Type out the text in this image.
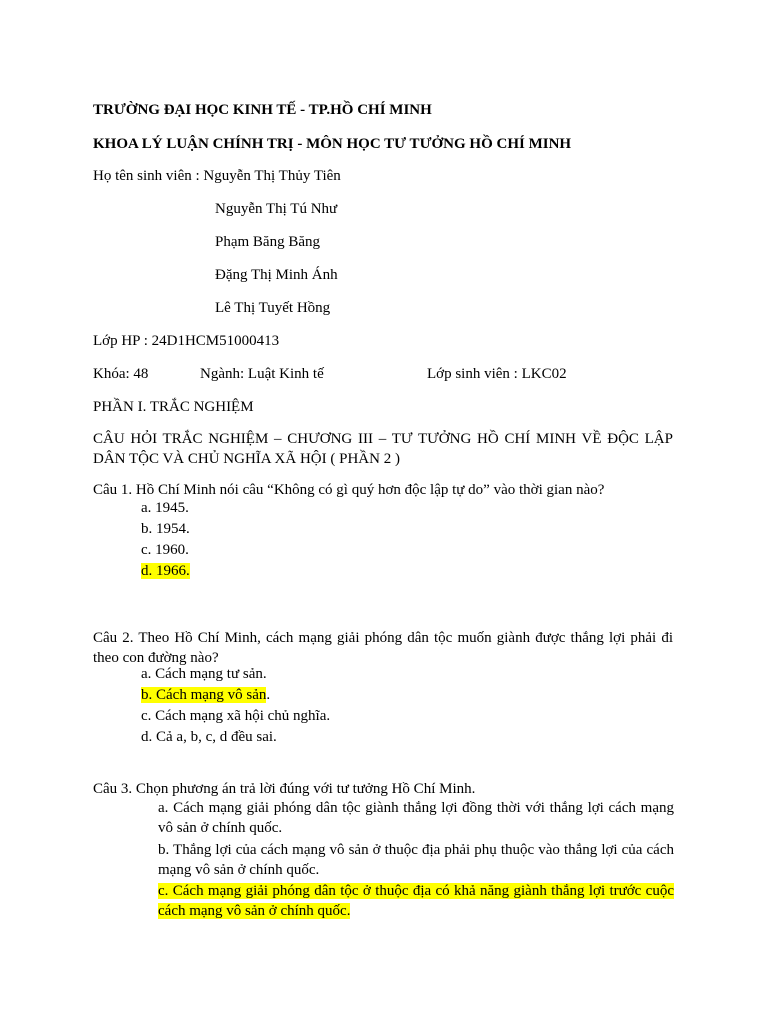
TRƯỜNG ĐẠI HỌC KINH TẾ - TP.HỒ CHÍ MINH
KHOA LÝ LUẬN CHÍNH TRỊ - MÔN HỌC TƯ TƯỞNG HỒ CHÍ MINH
Họ tên sinh viên : Nguyễn Thị Thủy Tiên
Nguyễn Thị Tú Như
Phạm Băng Băng
Đặng Thị Minh Ánh
Lê Thị Tuyết Hồng
Lớp HP : 24D1HCM51000413
Khóa: 48	Ngành: Luật Kinh tế	Lớp sinh viên : LKC02
PHẦN I. TRẮC NGHIỆM
CÂU HỎI TRẮC NGHIỆM – CHƯƠNG III – TƯ TƯỞNG HỒ CHÍ MINH VỀ ĐỘC LẬP DÂN TỘC VÀ CHỦ NGHĨA XÃ HỘI ( PHẦN 2 )
Câu 1. Hồ Chí Minh nói câu “Không có gì quý hơn độc lập tự do” vào thời gian nào?
a. 1945.
b. 1954.
c. 1960.
d. 1966.
Câu 2. Theo Hồ Chí Minh, cách mạng giải phóng dân tộc muốn giành được thắng lợi phải đi theo con đường nào?
a. Cách mạng tư sản.
b. Cách mạng vô sản.
c. Cách mạng xã hội chủ nghĩa.
d. Cả a, b, c, d đều sai.
Câu 3. Chọn phương án trả lời đúng với tư tưởng Hồ Chí Minh.
a. Cách mạng giải phóng dân tộc giành thắng lợi đồng thời với thắng lợi cách mạng vô sản ở chính quốc.
b. Thắng lợi của cách mạng vô sản ở thuộc địa phải phụ thuộc vào thắng lợi của cách mạng vô sản ở chính quốc.
c. Cách mạng giải phóng dân tộc ở thuộc địa có khả năng giành thắng lợi trước cuộc cách mạng vô sản ở chính quốc.
